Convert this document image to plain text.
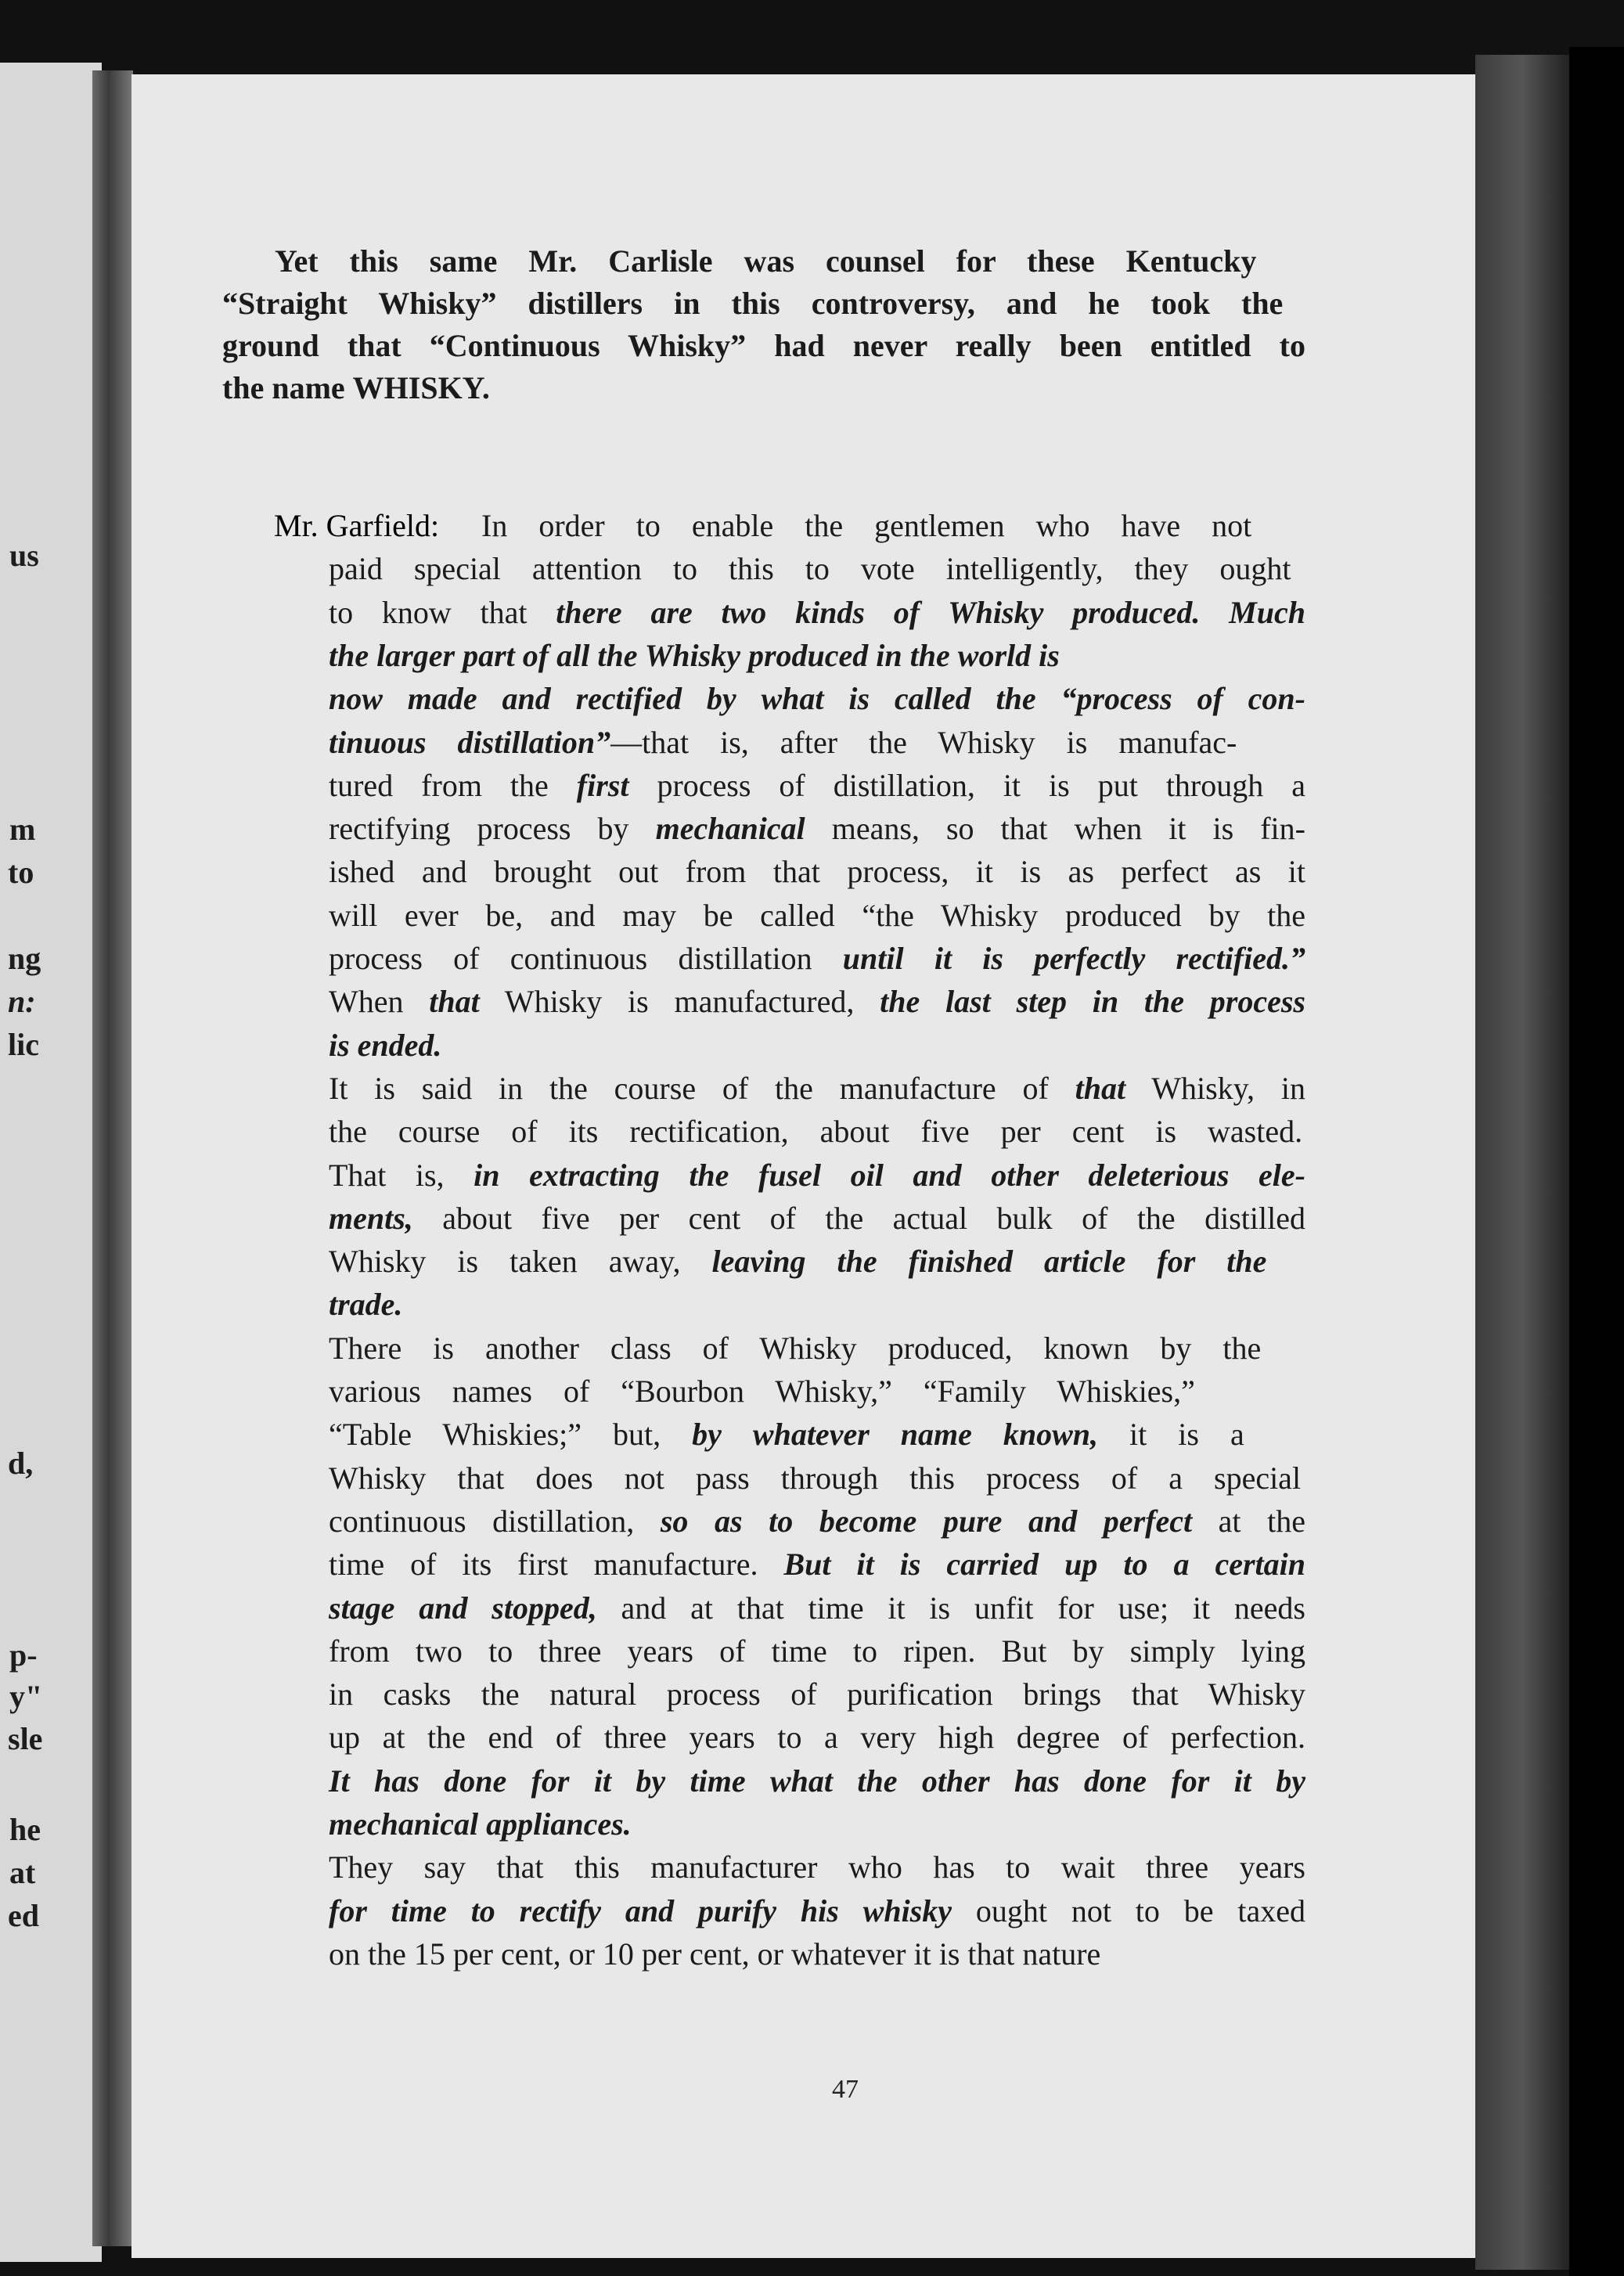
Yet this same Mr. Carlisle was counsel for these Kentucky
“Straight Whisky” distillers in this controversy, and he took the
ground that “Continuous Whisky” had never really been entitled to
the name WHISKY.
Mr. Garfield: In order to enable the gentlemen who have not
paid special attention to this to vote intelligently, they ought
to know that there are two kinds of Whisky produced. Much
the larger part of all the Whisky produced in the world is
now made and rectified by what is called the “process of con-
tinuous distillation”—that is, after the Whisky is manufac-
tured from the first process of distillation, it is put through a
rectifying process by mechanical means, so that when it is fin-
ished and brought out from that process, it is as perfect as it
will ever be, and may be called “the Whisky produced by the
process of continuous distillation until it is perfectly rectified.”
When that Whisky is manufactured, the last step in the process
is ended.
It is said in the course of the manufacture of that Whisky, in
the course of its rectification, about five per cent is wasted.
That is, in extracting the fusel oil and other deleterious ele-
ments, about five per cent of the actual bulk of the distilled
Whisky is taken away, leaving the finished article for the
trade.
There is another class of Whisky produced, known by the
various names of “Bourbon Whisky,” “Family Whiskies,”
“Table Whiskies;” but, by whatever name known, it is a
Whisky that does not pass through this process of a special
continuous distillation, so as to become pure and perfect at the
time of its first manufacture. But it is carried up to a certain
stage and stopped, and at that time it is unfit for use; it needs
from two to three years of time to ripen. But by simply lying
in casks the natural process of purification brings that Whisky
up at the end of three years to a very high degree of perfection.
It has done for it by time what the other has done for it by
mechanical appliances.
They say that this manufacturer who has to wait three years
for time to rectify and purify his whisky ought not to be taxed
on the 15 per cent, or 10 per cent, or whatever it is that nature
47
us
m
to
ng
n:
lic
d,
p-
y"
sle
he
at
ed
